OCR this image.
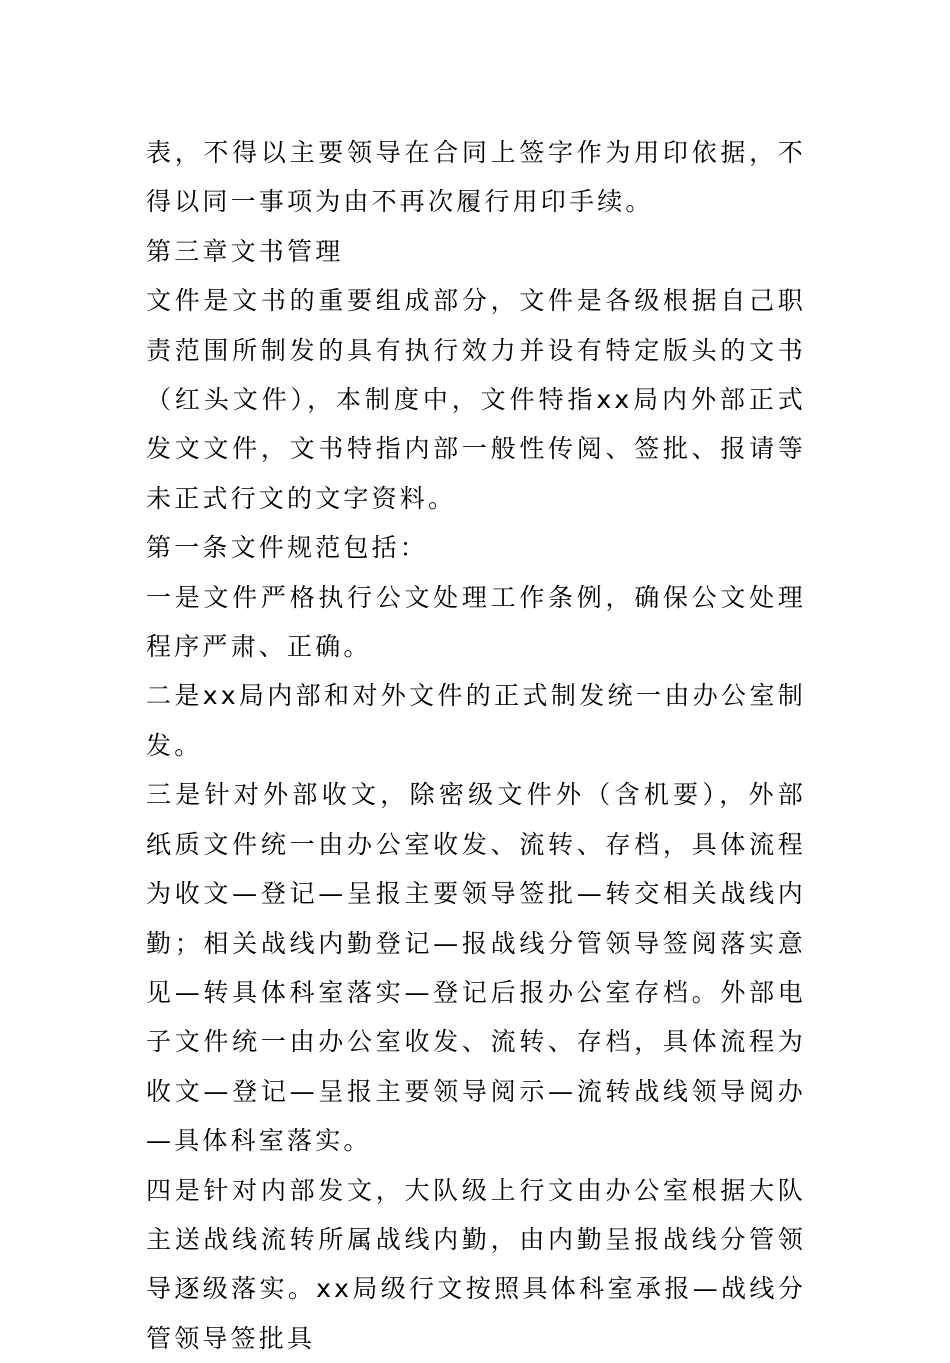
表，不得以主要领导在合同上签字作为用印依据，不得以同一事项为由不再次履行用印手续。

第三章文书管理

文件是文书的重要组成部分，文件是各级根据自己职责范围所制发的具有执行效力并设有特定版头的文书（红头文件），本制度中，文件特指xx局内外部正式发文文件，文书特指内部一般性传阅、签批、报请等未正式行文的文字资料。

第一条文件规范包括：

一是文件严格执行公文处理工作条例，确保公文处理程序严肃、正确。

二是xx局内部和对外文件的正式制发统一由办公室制发。

三是针对外部收文，除密级文件外（含机要），外部纸质文件统一由办公室收发、流转、存档，具体流程为收文—登记—呈报主要领导签批—转交相关战线内勤；相关战线内勤登记—报战线分管领导签阅落实意见—转具体科室落实—登记后报办公室存档。外部电子文件统一由办公室收发、流转、存档，具体流程为收文—登记—呈报主要领导阅示—流转战线领导阅办—具体科室落实。

四是针对内部发文，大队级上行文由办公室根据大队主送战线流转所属战线内勤，由内勤呈报战线分管领导逐级落实。xx局级行文按照具体科室承报—战线分管领导签批具
